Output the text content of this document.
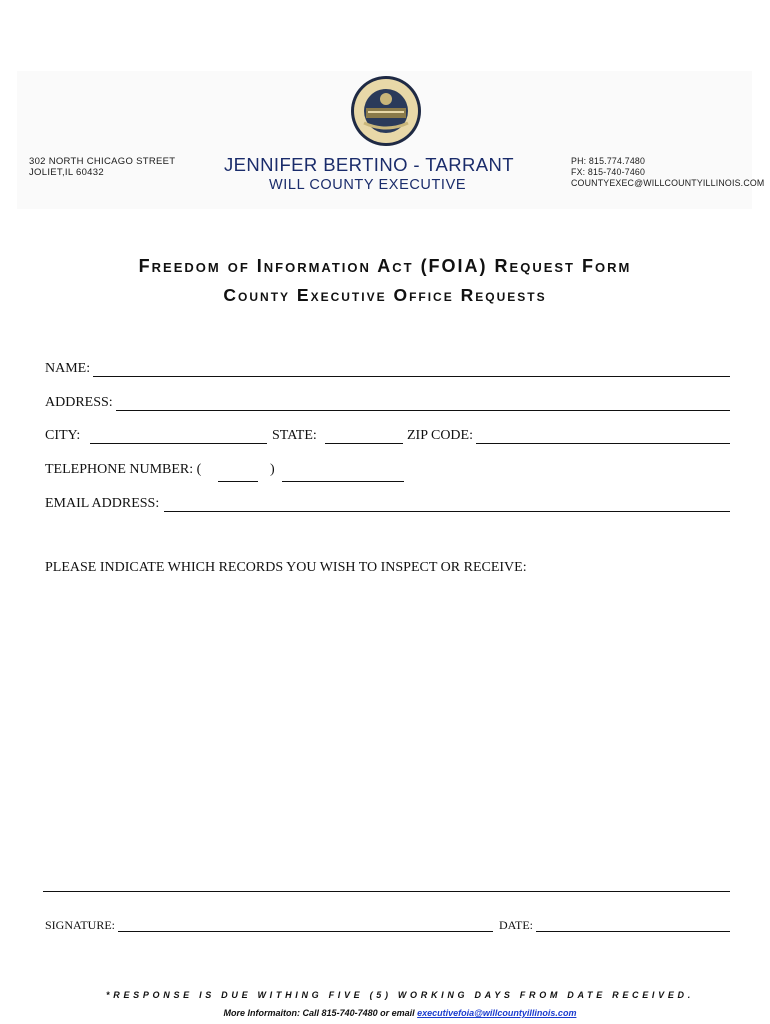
302 NORTH CHICAGO STREET
JOLIET,IL 60432	JENNIFER BERTINO - TARRANT
WILL COUNTY EXECUTIVE
PH: 815.774.7480
FX: 815-740-7460
COUNTYEXEC@WILLCOUNTYILLINOIS.COM
Freedom of Information Act (FOIA) Request Form
County Executive Office Requests
NAME:
ADDRESS:
CITY:	STATE:	ZIP CODE:
TELEPHONE NUMBER: (	)
EMAIL ADDRESS:
PLEASE INDICATE WHICH RECORDS YOU WISH TO INSPECT OR RECEIVE:
SIGNATURE:	DATE:
*RESPONSE IS DUE WITHING FIVE (5) WORKING DAYS FROM DATE RECEIVED.
More Informaiton: Call 815-740-7480 or email executivefoia@willcountyillinois.com
